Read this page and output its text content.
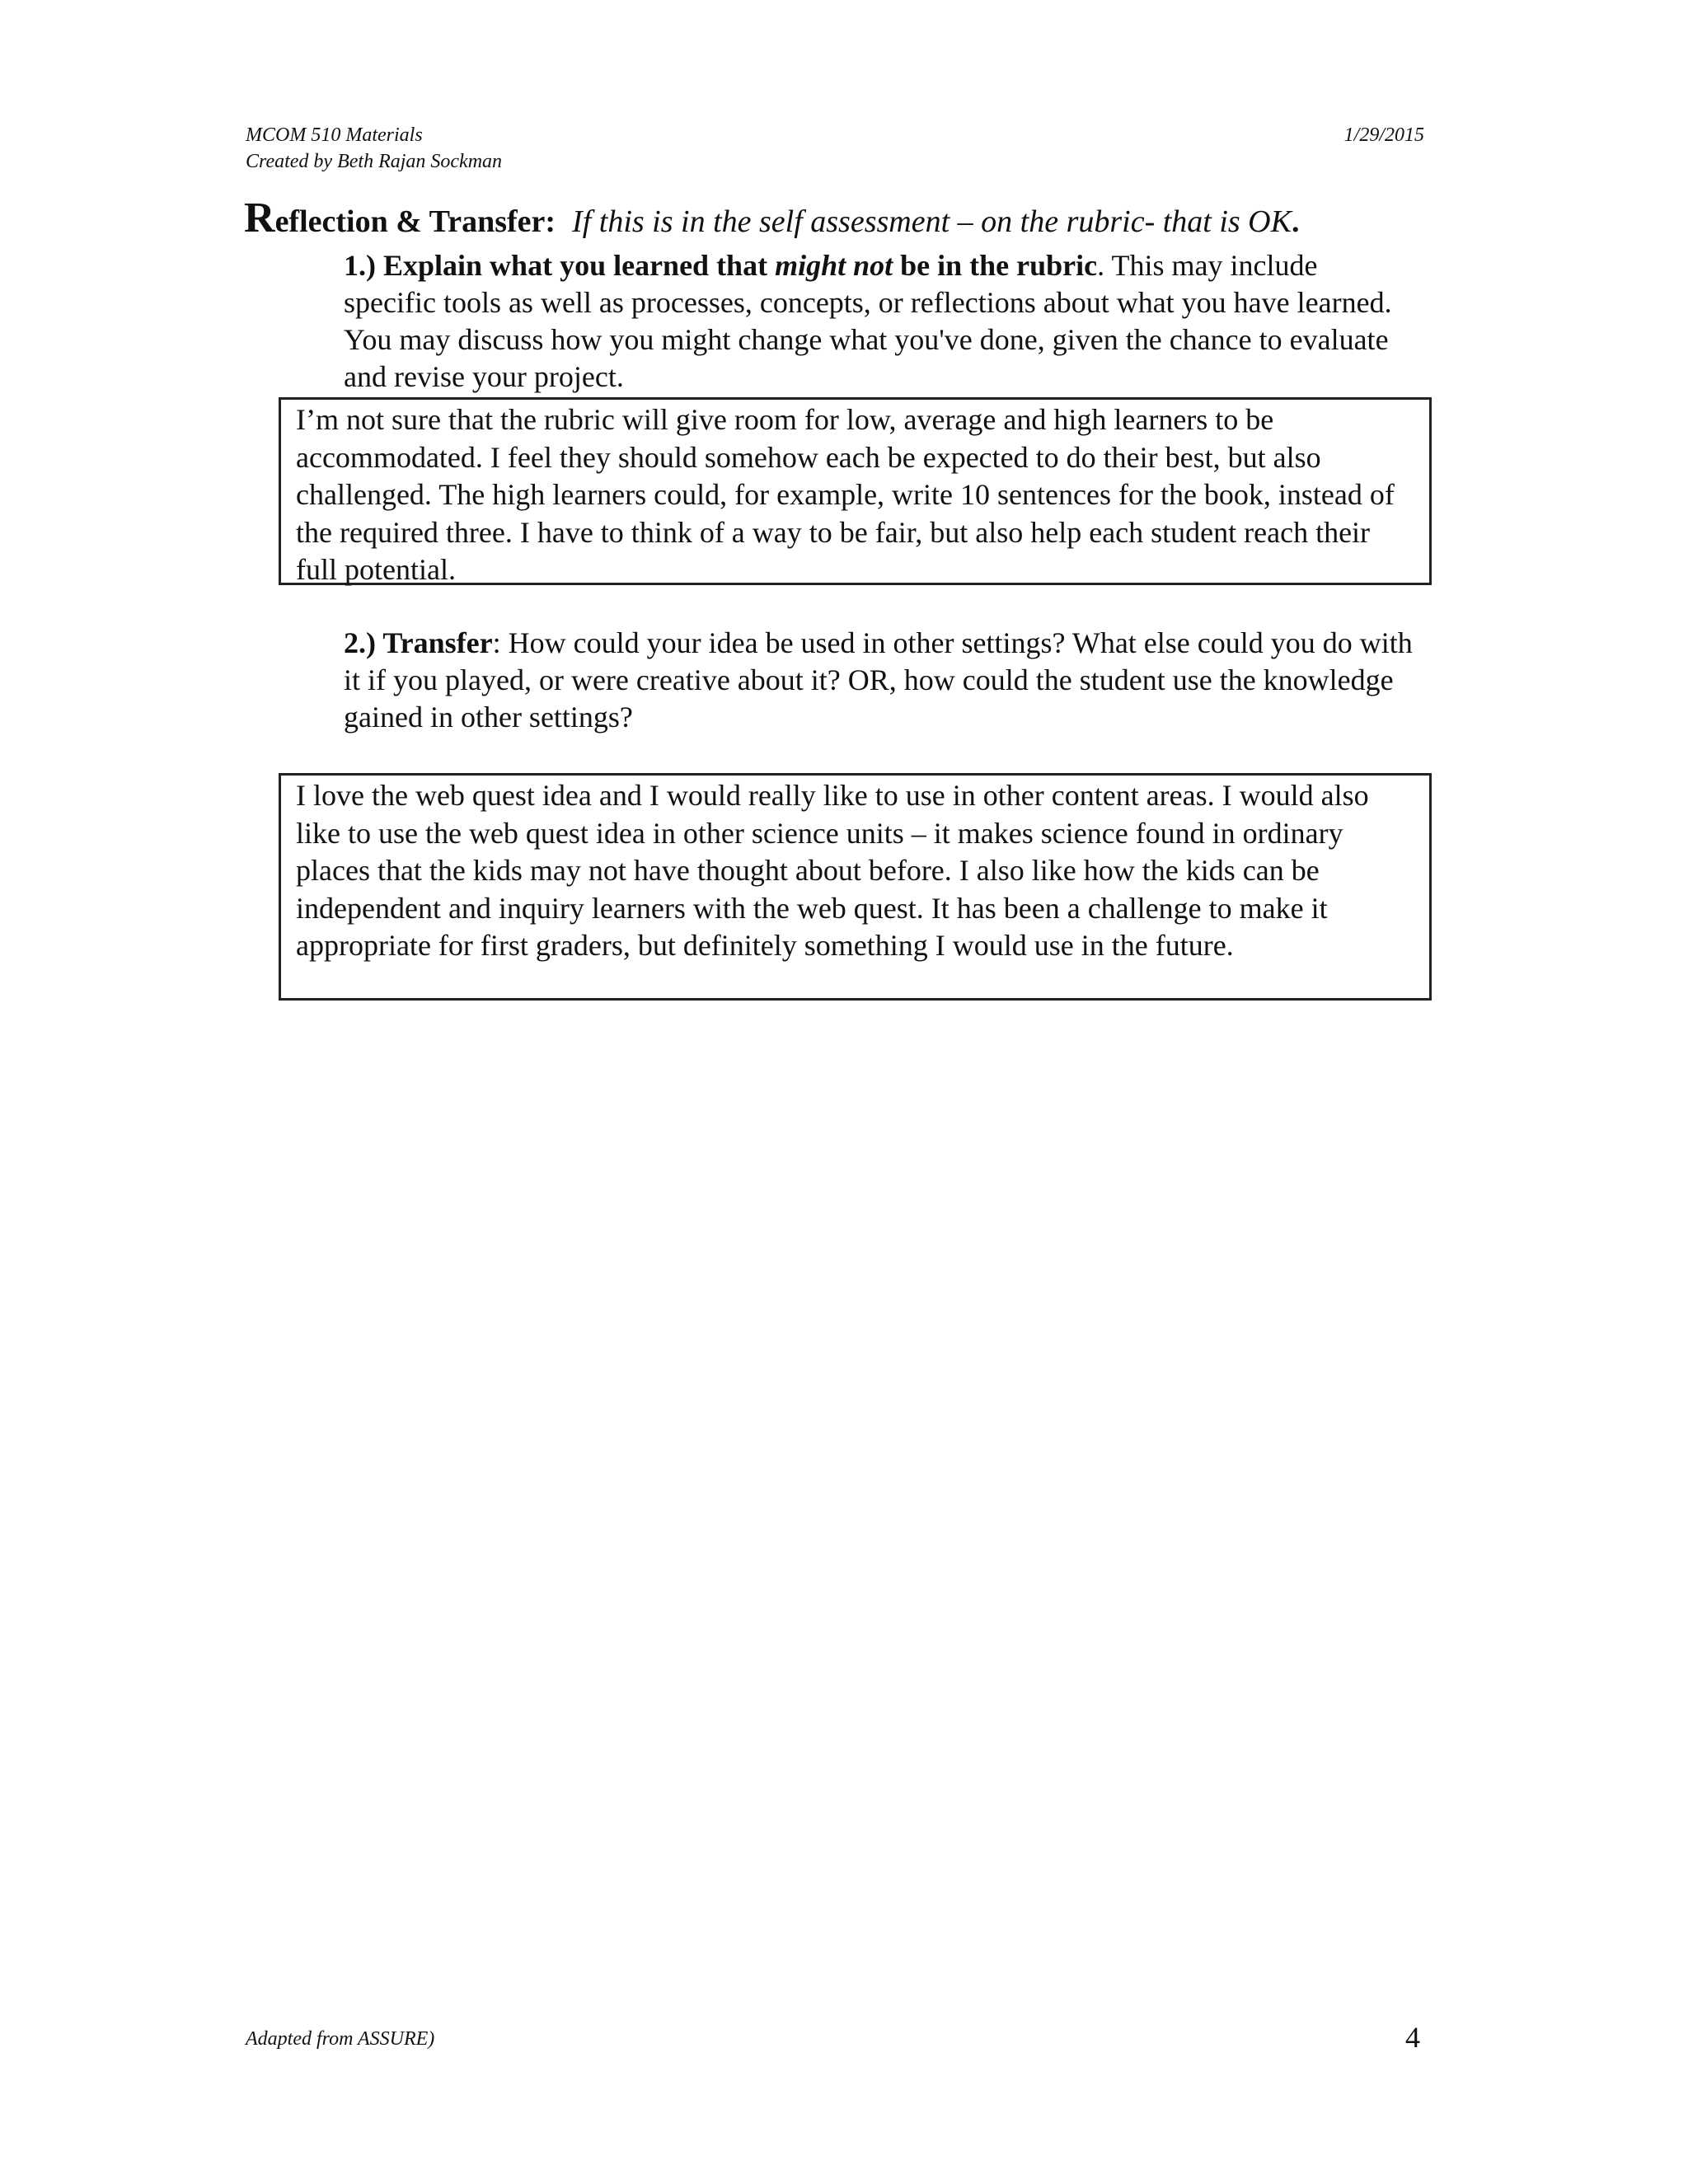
MCOM 510 Materials
Created by Beth Rajan Sockman
1/29/2015
Reflection & Transfer: If this is in the self assessment – on the rubric- that is OK.
1.) Explain what you learned that might not be in the rubric. This may include specific tools as well as processes, concepts, or reflections about what you have learned. You may discuss how you might change what you've done, given the chance to evaluate and revise your project.
I’m not sure that the rubric will give room for low, average and high learners to be accommodated. I feel they should somehow each be expected to do their best, but also challenged. The high learners could, for example, write 10 sentences for the book, instead of the required three. I have to think of a way to be fair, but also help each student reach their full potential.
2.) Transfer: How could your idea be used in other settings? What else could you do with it if you played, or were creative about it? OR, how could the student use the knowledge gained in other settings?
I love the web quest idea and I would really like to use in other content areas. I would also like to use the web quest idea in other science units – it makes science found in ordinary places that the kids may not have thought about before. I also like how the kids can be independent and inquiry learners with the web quest. It has been a challenge to make it appropriate for first graders, but definitely something I would use in the future.
Adapted from ASSURE)	4
